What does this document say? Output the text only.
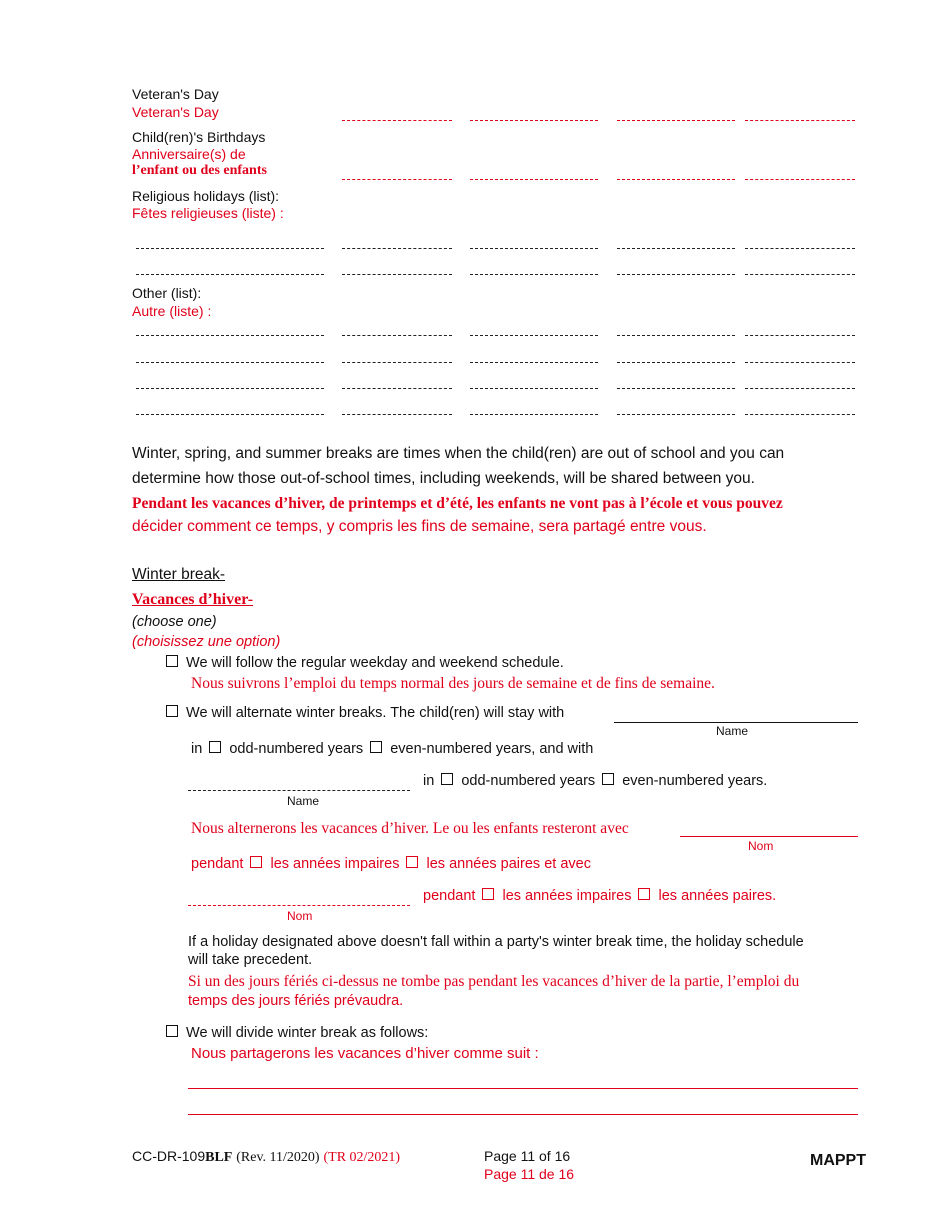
Veteran's Day
Veteran's Day
Child(ren)'s Birthdays
Anniversaire(s) de
l’enfant ou des enfants
Religious holidays (list):
Fêtes religieuses (liste) :
Other (list):
Autre (liste) :
Winter, spring, and summer breaks are times when the child(ren) are out of school and you can
determine how those out-of-school times, including weekends, will be shared between you.
Pendant les vacances d’hiver, de printemps et d’été, les enfants ne vont pas à l’école et vous pouvez
décider comment ce temps, y compris les fins de semaine, sera partagé entre vous.
Winter break-
Vacances d’hiver-
(choose one)
(choisissez une option)
We will follow the regular weekday and weekend schedule.
Nous suivrons l’emploi du temps normal des jours de semaine et de fins de semaine.
We will alternate winter breaks. The child(ren) will stay with
Name
in odd-numbered years even-numbered years, and with
in odd-numbered years even-numbered years.
Name
Nous alternerons les vacances d’hiver. Le ou les enfants resteront avec
Nom
pendant les années impaires les années paires et avec
pendant les années impaires les années paires.
Nom
If a holiday designated above doesn't fall within a party's winter break time, the holiday schedule
will take precedent.
Si un des jours fériés ci-dessus ne tombe pas pendant les vacances d’hiver de la partie, l’emploi du
temps des jours fériés prévaudra.
We will divide winter break as follows:
Nous partagerons les vacances d’hiver comme suit :
CC-DR-109BLF (Rev. 11/2020) (TR 02/2021)	Page 11 of 16
Page 11 de 16
MAPPT
